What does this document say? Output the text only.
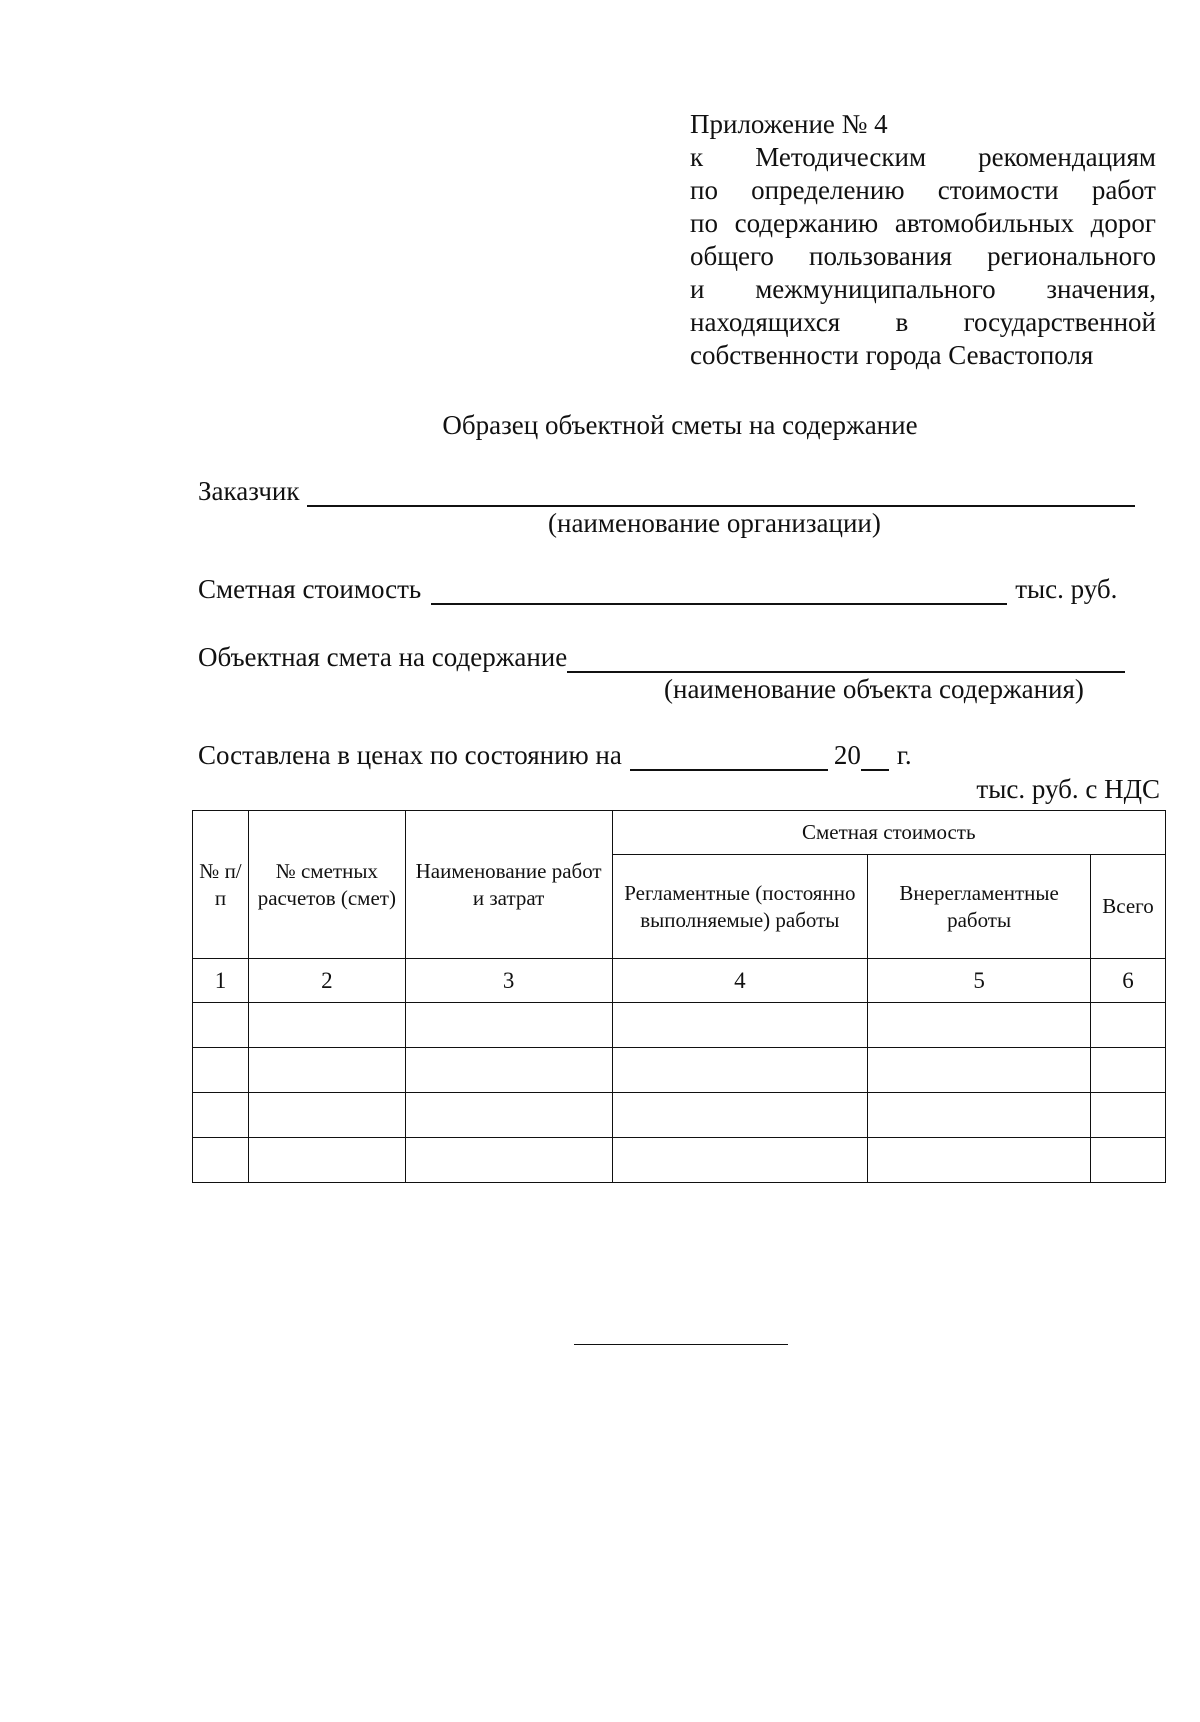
Приложение № 4
к Методическим рекомендациям
по определению стоимости работ
по содержанию автомобильных дорог
общего пользования регионального
и межмуниципального значения,
находящихся в государственной
собственности города Севастополя
Образец объектной сметы на содержание
Заказчик
(наименование организации)
Сметная стоимость	тыс. руб.
Объектная смета на содержание
(наименование объекта содержания)
Составлена в ценах по состоянию на	20 г.
тыс. руб. с НДС
№ п/п	№ сметных расчетов (смет)	Наименование работ и затрат	Сметная стоимость		
			Регламентные (постоянно выполняемые) работы	Внерегламентные работы	Всего
1	2	3	4	5	6
